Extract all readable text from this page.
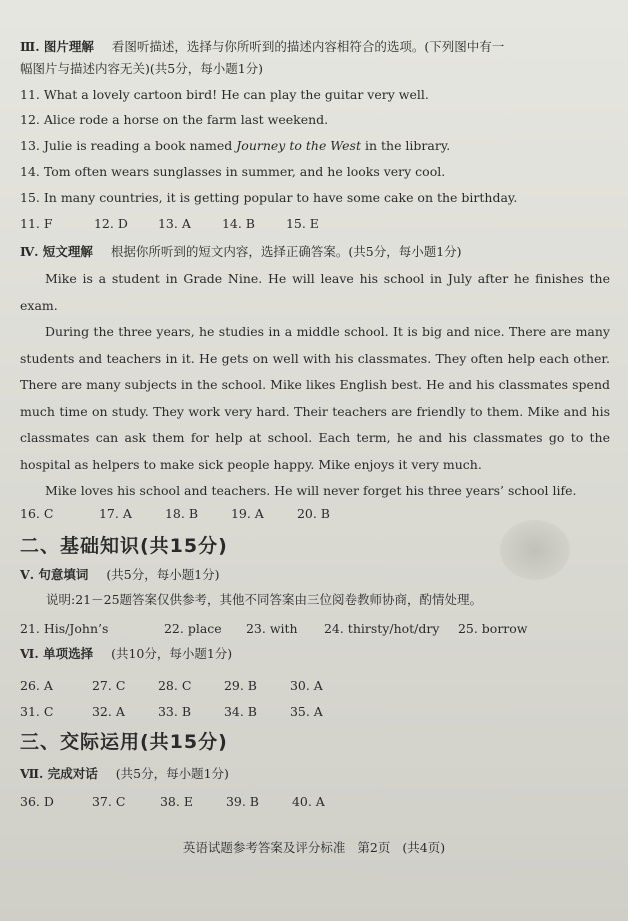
Ⅲ. 图片理解 看图听描述，选择与你所听到的描述内容相符合的选项。(下列图中有一
幅图片与描述内容无关)(共5分，每小题1分)
11. What a lovely cartoon bird! He can play the guitar very well.
12. Alice rode a horse on the farm last weekend.
13. Julie is reading a book named Journey to the West in the library.
14. Tom often wears sunglasses in summer, and he looks very cool.
15. In many countries, it is getting popular to have some cake on the birthday.
11. F	12. D 13. A 14. B 15. E
Ⅳ. 短文理解 根据你所听到的短文内容，选择正确答案。(共5分，每小题1分)

Mike is a student in Grade Nine. He will leave his school in July after he finishes the exam.

During the three years, he studies in a middle school. It is big and nice. There are many students and teachers in it. He gets on well with his classmates. They often help each other. There are many subjects in the school. Mike likes English best. He and his classmates spend much time on study. They work very hard. Their teachers are friendly to them. Mike and his classmates can ask them for help at school. Each term, he and his classmates go to the hospital as helpers to make sick people happy. Mike enjoys it very much.

Mike loves his school and teachers. He will never forget his three years’ school life.

16. C	17. A	18. B	19. A	20. B
二、基础知识(共15分)
Ⅴ. 句意填词 (共5分，每小题1分)
说明:21－25题答案仅供参考，其他不同答案由三位阅卷教师协商，酌情处理。
21. His/John’s	22. place 23. with 24. thirsty/hot/dry 25. borrow
Ⅵ. 单项选择 (共10分，每小题1分)
26. A	27. C	28. C	29. B	30. A
31. C	32. A	33. B	34. B	35. A
三、交际运用(共15分)
Ⅶ. 完成对话 (共5分，每小题1分)
36. D	37. C	38. E	39. B	40. A
英语试题参考答案及评分标准 第2页 (共4页)
